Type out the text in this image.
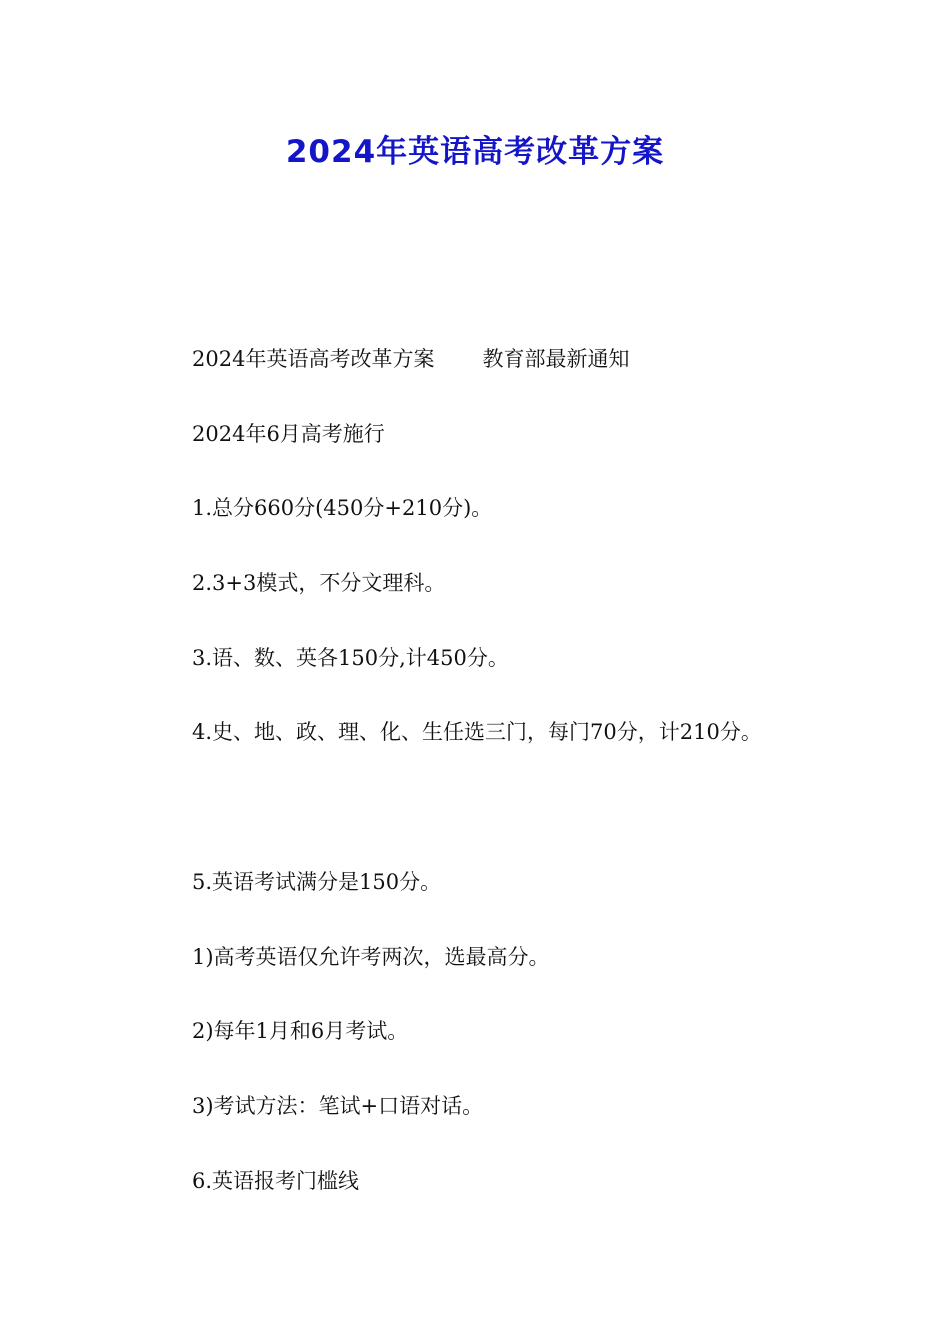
2024年英语高考改革方案

2024年英语高考改革方案 教育部最新通知

2024年6月高考施行

1.总分660分(450分+210分)。

2.3+3模式，不分文理科。

3.语、数、英各150分,计450分。

4.史、地、政、理、化、生任选三门，每门70分，计210分。

5.英语考试满分是150分。

1)高考英语仅允许考两次，选最高分。

2)每年1月和6月考试。

3)考试方法：笔试+口语对话。

6.英语报考门槛线
